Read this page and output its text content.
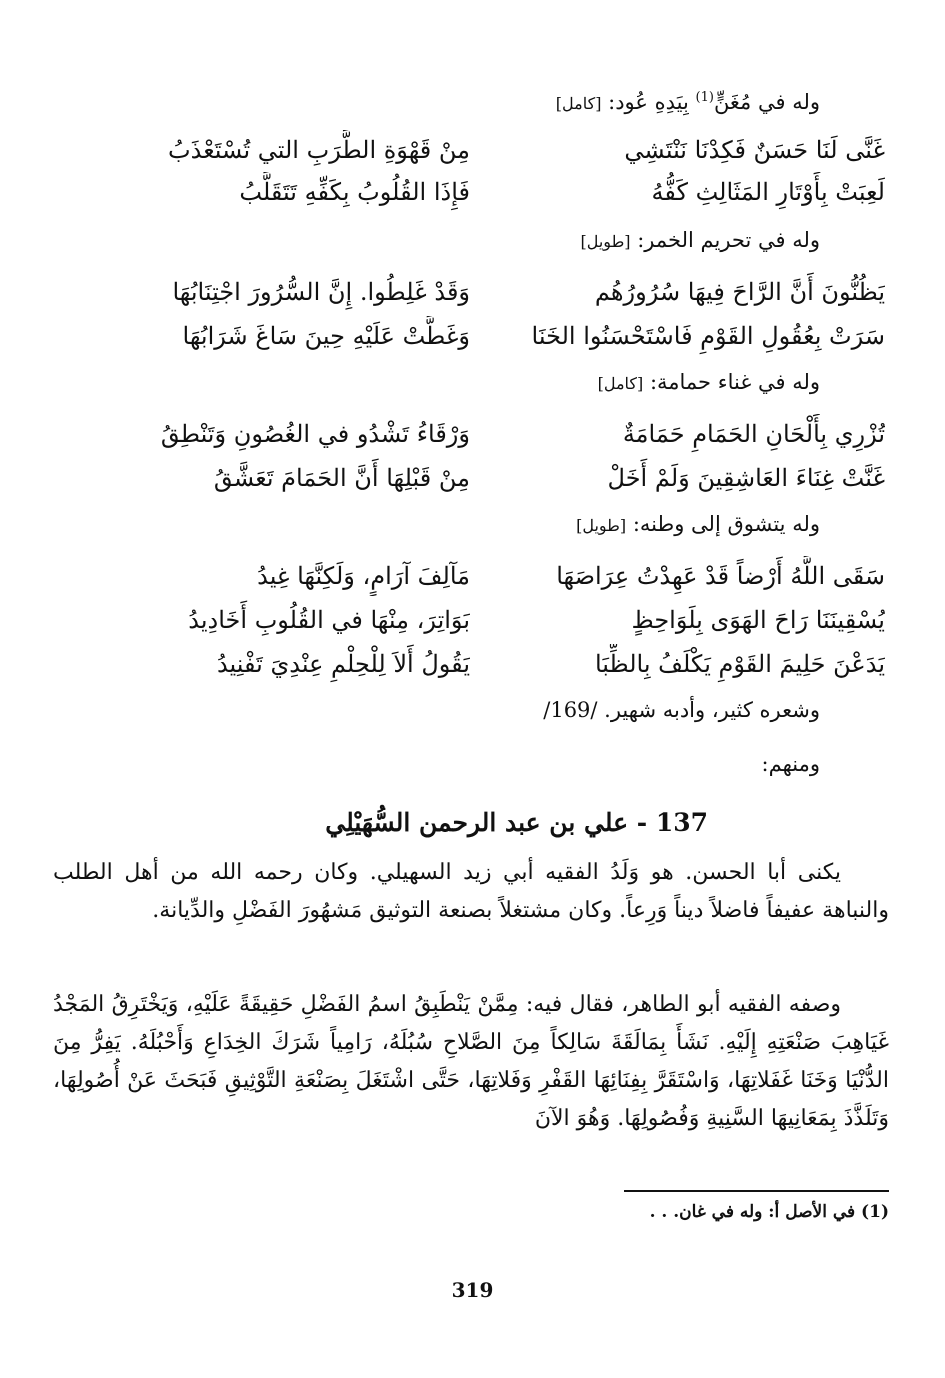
وله في مُغَنٍّ$^{(1)}$ بِيَدِهِ عُود: [كامل]
غَنَّى لَنَا حَسَنٌ فَكِدْنَا نَنْتَشِي
مِنْ قَهْوَةِ الطَّرَبِ التي تُسْتَعْذَبُ
لَعِبَتْ بِأَوْتَارِ المَثَالِثِ كَفُّهُ
فَإِذَا القُلُوبُ بِكَفِّهِ تَتَقَلَّبُ
وله في تحريم الخمر: [طويل]
يَظُنُّونَ أَنَّ الرَّاحَ فِيهَا سُرُورُهُم
وَقَدْ غَلِطُوا. إِنَّ السُّرُورَ اجْتِنَابُهَا
سَرَتْ بِعُقُولِ القَوْمِ فَاسْتَحْسَنُوا الخَنَا
وَغَطَّتْ عَلَيْهِ حِينَ سَاغَ شَرَابُهَا
وله في غناء حمامة: [كامل]
تُزْرِي بِأَلْحَانِ الحَمَامِ حَمَامَةٌ
وَرْقَاءُ تَشْدُو في الغُصُونِ وَتَنْطِقُ
غَنَّتْ غِنَاءَ العَاشِقِينَ وَلَمْ أَخَلْ
مِنْ قَبْلِهَا أَنَّ الحَمَامَ تَعَشَّقُ
وله يتشوق إلى وطنه: [طويل]
سَقَى اللَّهُ أَرْضاً قَدْ عَهِدْتُ عِرَاصَهَا
مَآلِفَ آرَامٍ، وَلَكِنَّهَا غِيدُ
يُسْقِينَنَا رَاحَ الهَوَى بِلَوَاحِظٍ
بَوَاتِرَ، مِنْهَا في القُلُوبِ أَخَادِيدُ
يَدَعْنَ حَلِيمَ القَوْمِ يَكْلَفُ بِالظِّبَا
يَقُولُ أَلاَ لِلْحِلْمِ عِنْدِيَ تَفْنِيدُ
وشعره كثير، وأدبه شهير. /169/
ومنهم:
137 - علي بن عبد الرحمن السُّهَيْلِي
يكنى أبا الحسن. هو وَلَدُ الفقيه أبي زيد السهيلي. وكان رحمه الله من أهل الطلب والنباهة عفيفاً فاضلاً ديناً وَرِعاً. وكان مشتغلاً بصنعة التوثيق مَشهُورَ الفَضْلِ والدِّيانة.
وصفه الفقيه أبو الطاهر، فقال فيه: مِمَّنْ يَنْطَبِقُ اسمُ الفَضْلِ حَقِيقَةً عَلَيْهِ، وَيَخْتَرِقُ المَجْدُ غَيَاهِبَ صَنْعَتِهِ إِلَيْهِ. نَشَأَ بِمَالَقَةَ سَالِكاً مِنَ الصَّلاحِ سُبُلَهُ، رَامِياً شَرَكَ الخِدَاعِ وَأَحْبُلَهُ. يَفِرُّ مِنَ الدُّنْيَا وَخَنَا غَفَلاتِهَا، وَاسْتَقَرَّ بِفِنَائِهَا القَفْرِ وَفَلاتِهَا، حَتَّى اشْتَغَلَ بِصَنْعَةِ التَّوْثِيقِ فَبَحَثَ عَنْ أُصُولِهَا، وَتَلَذَّذَ بِمَعَانِيهَا السَّنِيةِ وَفُصُولِهَا. وَهُوَ الآنَ
(1) في الأصل أ: وله في غان. . .
319
